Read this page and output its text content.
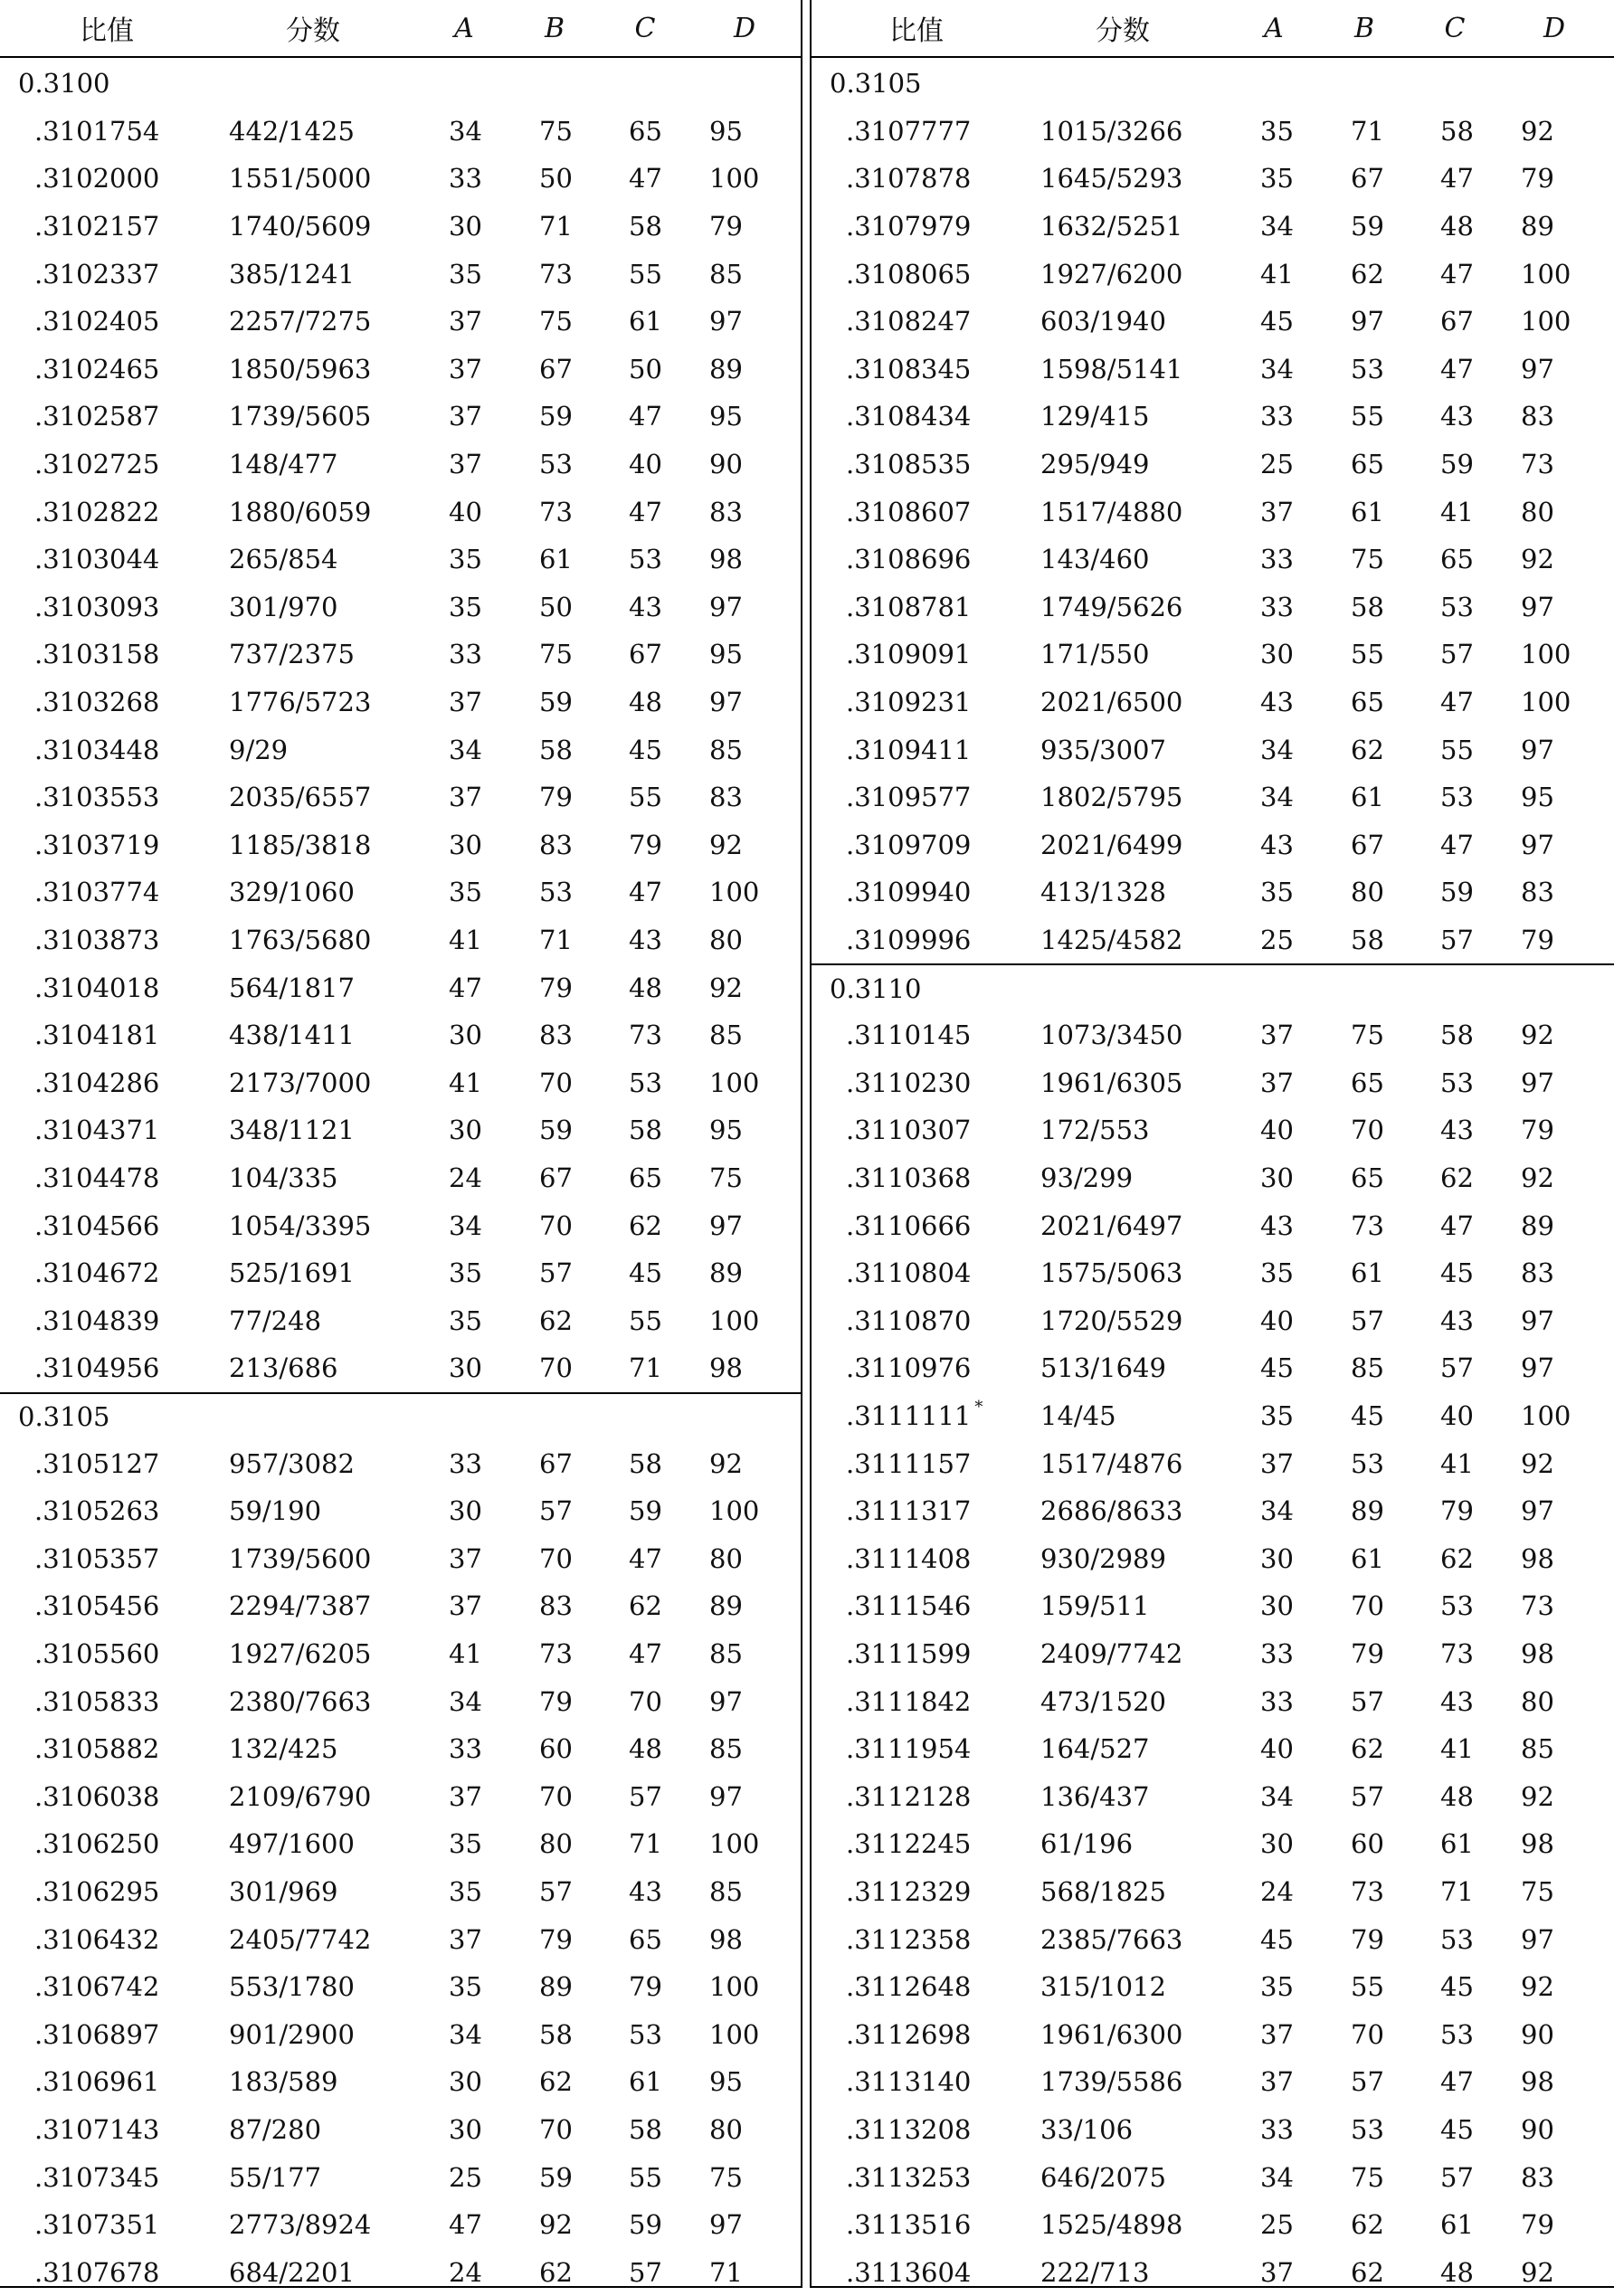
比值	分数	A	B	C	D
0.3100
.3101754	442/1425	34 75 65 95
.3102000	1551/5000	33 50 47 100
.3102157	1740/5609	30 71 58 79
.3102337	385/1241	35 73 55 85
.3102405	2257/7275	37 75 61 97
.3102465	1850/5963	37 67 50 89
.3102587	1739/5605	37 59 47 95
.3102725	148/477	37 53 40 90
.3102822	1880/6059	40 73 47 83
.3103044	265/854	35 61 53 98
.3103093	301/970	35 50 43 97
.3103158	737/2375	33 75 67 95
.3103268	1776/5723	37 59 48 97
.3103448	9/29	34 58 45 85
.3103553	2035/6557	37 79 55 83
.3103719	1185/3818	30 83 79 92
.3103774	329/1060	35 53 47 100
.3103873	1763/5680	41 71 43 80
.3104018	564/1817	47 79 48 92
.3104181	438/1411	30 83 73 85
.3104286	2173/7000	41 70 53 100
.3104371	348/1121	30 59 58 95
.3104478	104/335	24 67 65 75
.3104566	1054/3395	34 70 62 97
.3104672	525/1691	35 57 45 89
.3104839	77/248	35 62 55 100
.3104956	213/686	30 70 71 98
0.3105
.3105127	957/3082	33 67 58 92
.3105263	59/190	30 57 59 100
.3105357	1739/5600	37 70 47 80
.3105456	2294/7387	37 83 62 89
.3105560	1927/6205	41 73 47 85
.3105833	2380/7663	34 79 70 97
.3105882	132/425	33 60 48 85
.3106038	2109/6790	37 70 57 97
.3106250	497/1600	35 80 71 100
.3106295	301/969	35 57 43 85
.3106432	2405/7742	37 79 65 98
.3106742	553/1780	35 89 79 100
.3106897	901/2900	34 58 53 100
.3106961	183/589	30 62 61 95
.3107143	87/280	30 70 58 80
.3107345	55/177	25 59 55 75
.3107351	2773/8924	47 92 59 97
.3107678	684/2201	24 62 57 71
比值	分数	A	B	C	D
0.3105
.3107777	1015/3266	35 71 58 92
.3107878	1645/5293	35 67 47 79
.3107979	1632/5251	34 59 48 89
.3108065	1927/6200	41 62 47 100
.3108247	603/1940	45 97 67 100
.3108345	1598/5141	34 53 47 97
.3108434	129/415	33 55 43 83
.3108535	295/949	25 65 59 73
.3108607	1517/4880	37 61 41 80
.3108696	143/460	33 75 65 92
.3108781	1749/5626	33 58 53 97
.3109091	171/550	30 55 57 100
.3109231	2021/6500	43 65 47 100
.3109411	935/3007	34 62 55 97
.3109577	1802/5795	34 61 53 95
.3109709	2021/6499	43 67 47 97
.3109940	413/1328	35 80 59 83
.3109996	1425/4582	25 58 57 79
0.3110
.3110145	1073/3450	37 75 58 92
.3110230	1961/6305	37 65 53 97
.3110307	172/553	40 70 43 79
.3110368	93/299	30 65 62 92
.3110666	2021/6497	43 73 47 89
.3110804	1575/5063	35 61 45 83
.3110870	1720/5529	40 57 43 97
.3110976	513/1649	45 85 57 97
.3111111 * 14/45	35 45 40 100
.3111157	1517/4876	37 53 41 92
.3111317	2686/8633	34 89 79 97
.3111408	930/2989	30 61 62 98
.3111546	159/511	30 70 53 73
.3111599	2409/7742	33 79 73 98
.3111842	473/1520	33 57 43 80
.3111954	164/527	40 62 41 85
.3112128	136/437	34 57 48 92
.3112245	61/196	30 60 61 98
.3112329	568/1825	24 73 71 75
.3112358	2385/7663	45 79 53 97
.3112648	315/1012	35 55 45 92
.3112698	1961/6300	37 70 53 90
.3113140	1739/5586	37 57 47 98
.3113208	33/106	33 53 45 90
.3113253	646/2075	34 75 57 83
.3113516	1525/4898	25 62 61 79
.3113604	222/713	37 62 48 92
